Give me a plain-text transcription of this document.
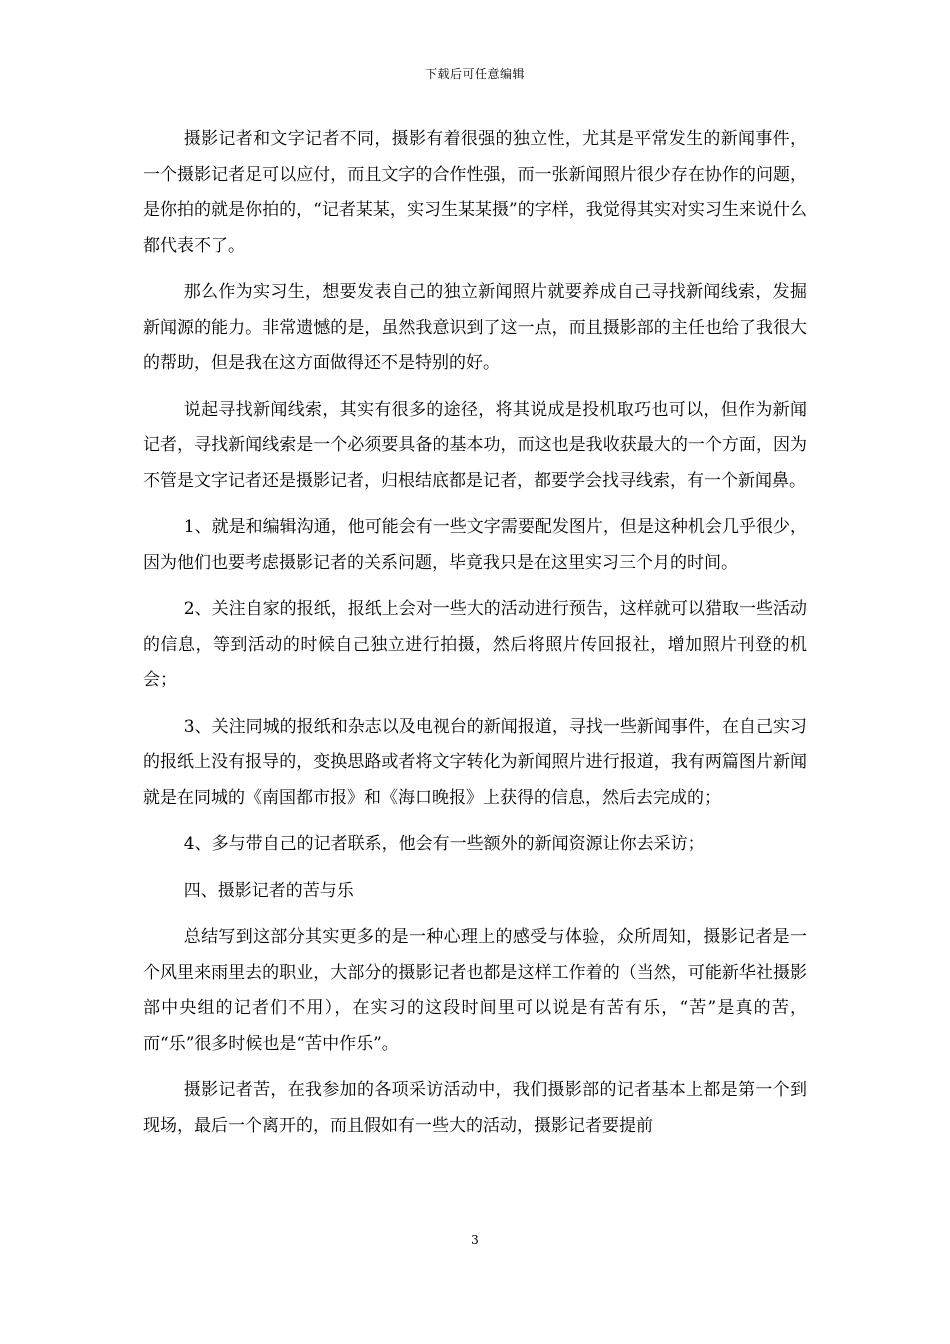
下载后可任意编辑

摄影记者和文字记者不同，摄影有着很强的独立性，尤其是平常发生的新闻事件，一个摄影记者足可以应付，而且文字的合作性强，而一张新闻照片很少存在协作的问题，是你拍的就是你拍的，“记者某某，实习生某某摄”的字样，我觉得其实对实习生来说什么都代表不了。

那么作为实习生，想要发表自己的独立新闻照片就要养成自己寻找新闻线索，发掘新闻源的能力。非常遗憾的是，虽然我意识到了这一点，而且摄影部的主任也给了我很大的帮助，但是我在这方面做得还不是特别的好。

说起寻找新闻线索，其实有很多的途径，将其说成是投机取巧也可以，但作为新闻记者，寻找新闻线索是一个必须要具备的基本功，而这也是我收获最大的一个方面，因为不管是文字记者还是摄影记者，归根结底都是记者，都要学会找寻线索，有一个新闻鼻。

1、就是和编辑沟通，他可能会有一些文字需要配发图片，但是这种机会几乎很少，因为他们也要考虑摄影记者的关系问题，毕竟我只是在这里实习三个月的时间。

2、关注自家的报纸，报纸上会对一些大的活动进行预告，这样就可以猎取一些活动的信息，等到活动的时候自己独立进行拍摄，然后将照片传回报社，增加照片刊登的机会；

3、关注同城的报纸和杂志以及电视台的新闻报道，寻找一些新闻事件，在自己实习的报纸上没有报导的，变换思路或者将文字转化为新闻照片进行报道，我有两篇图片新闻就是在同城的《南国都市报》和《海口晚报》上获得的信息，然后去完成的；

4、多与带自己的记者联系，他会有一些额外的新闻资源让你去采访；

四、摄影记者的苦与乐

总结写到这部分其实更多的是一种心理上的感受与体验，众所周知，摄影记者是一个风里来雨里去的职业，大部分的摄影记者也都是这样工作着的（当然，可能新华社摄影部中央组的记者们不用），在实习的这段时间里可以说是有苦有乐，“苦”是真的苦，而“乐”很多时候也是“苦中作乐”。

摄影记者苦，在我参加的各项采访活动中，我们摄影部的记者基本上都是第一个到现场，最后一个离开的，而且假如有一些大的活动，摄影记者要提前

3
